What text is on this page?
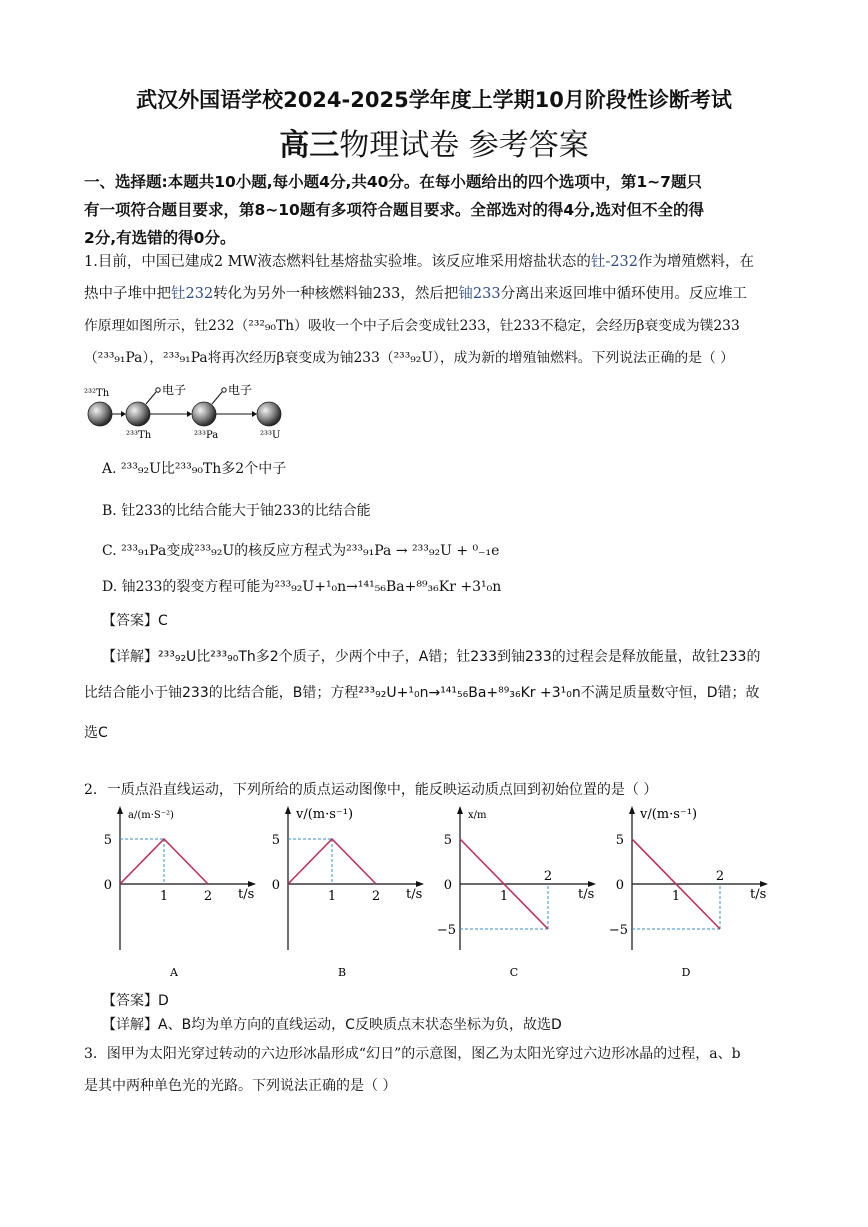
武汉外国语学校2024-2025学年度上学期10月阶段性诊断考试
高三物理试卷 参考答案
一、选择题:本题共10小题,每小题4分,共40分。在每小题给出的四个选项中，第1~7题只
有一项符合题目要求，第8~10题有多项符合题目要求。全部选对的得4分,选对但不全的得
2分,有选错的得0分。
1.目前，中国已建成2 MW液态燃料钍基熔盐实验堆。该反应堆采用熔盐状态的钍-232作为增殖燃料，在
热中子堆中把钍232转化为另外一种核燃料铀233，然后把铀233分离出来返回堆中循环使用。反应堆工
作原理如图所示，钍232（²³²₉₀Th）吸收一个中子后会变成钍233，钍233不稳定，会经历β衰变成为镤233
（²³³₉₁Pa），²³³₉₁Pa将再次经历β衰变成为铀233（²³³₉₂U），成为新的增殖铀燃料。下列说法正确的是（ ）
电子	电子
²³²Th
²³³Th	²³³Pa	²³³U
A. ²³³₉₂U比²³³₉₀Th多2个中子
B. 钍233的比结合能大于铀233的比结合能
C. ²³³₉₁Pa变成²³³₉₂U的核反应方程式为²³³₉₁Pa → ²³³₉₂U + ⁰₋₁e
D. 铀233的裂变方程可能为²³³₉₂U+¹₀n→¹⁴¹₅₆Ba+⁸⁹₃₆Kr +3¹₀n
【答案】C
【详解】²³³₉₂U比²³³₉₀Th多2个质子，少两个中子，A错；钍233到铀233的过程会是释放能量，故钍233的
比结合能小于铀233的比结合能，B错；方程²³³₉₂U+¹₀n→¹⁴¹₅₆Ba+⁸⁹₃₆Kr +3¹₀n不满足质量数守恒，D错；故
选C
2．一质点沿直线运动，下列所给的质点运动图像中，能反映运动质点回到初始位置的是（ ）
a/(m·S⁻²)
t/s
5
0
1	2
A
v/(m·s⁻¹)
t/s
5
0
1	2
B
x/m
t/s
5
0
1
2
−5
C
v/(m·s⁻¹)
t/s
5
0
1
2
−5
D
【答案】D
【详解】A、B均为单方向的直线运动，C反映质点末状态坐标为负，故选D
3．图甲为太阳光穿过转动的六边形冰晶形成“幻日”的示意图，图乙为太阳光穿过六边形冰晶的过程，a、b
是其中两种单色光的光路。下列说法正确的是（ ）
